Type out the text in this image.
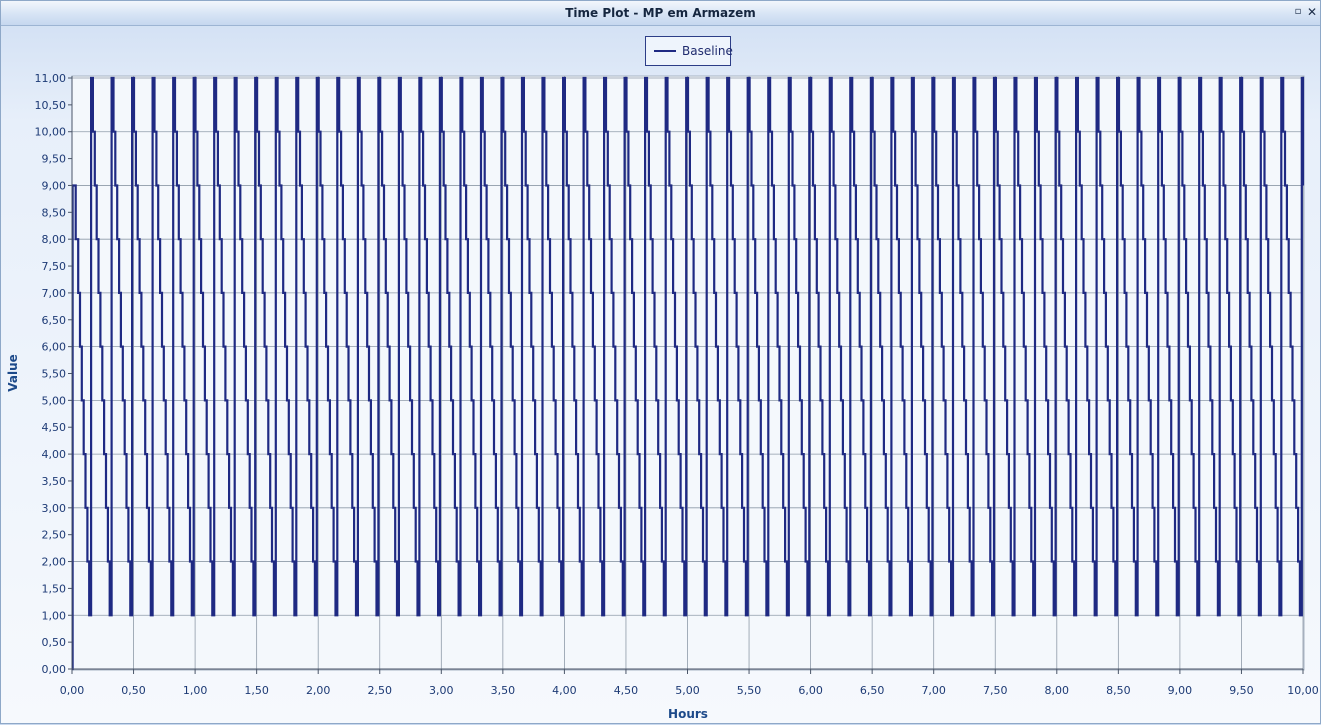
Time Plot - MP em Armazem	▫ ✕
0,00
0,50
1,00
1,50
2,00
2,50
3,00
3,50
4,00
4,50
5,00
5,50
6,00
6,50
7,00
7,50
8,00
8,50
9,00
9,50
10,00
10,50
11,00
0,00	0,50	1,00	1,50	2,00	2,50	3,00	3,50	4,00	4,50	5,00	5,50	6,00	6,50	7,00	7,50	8,00	8,50	9,00	9,50	10,00
Value
Hours
Baseline
